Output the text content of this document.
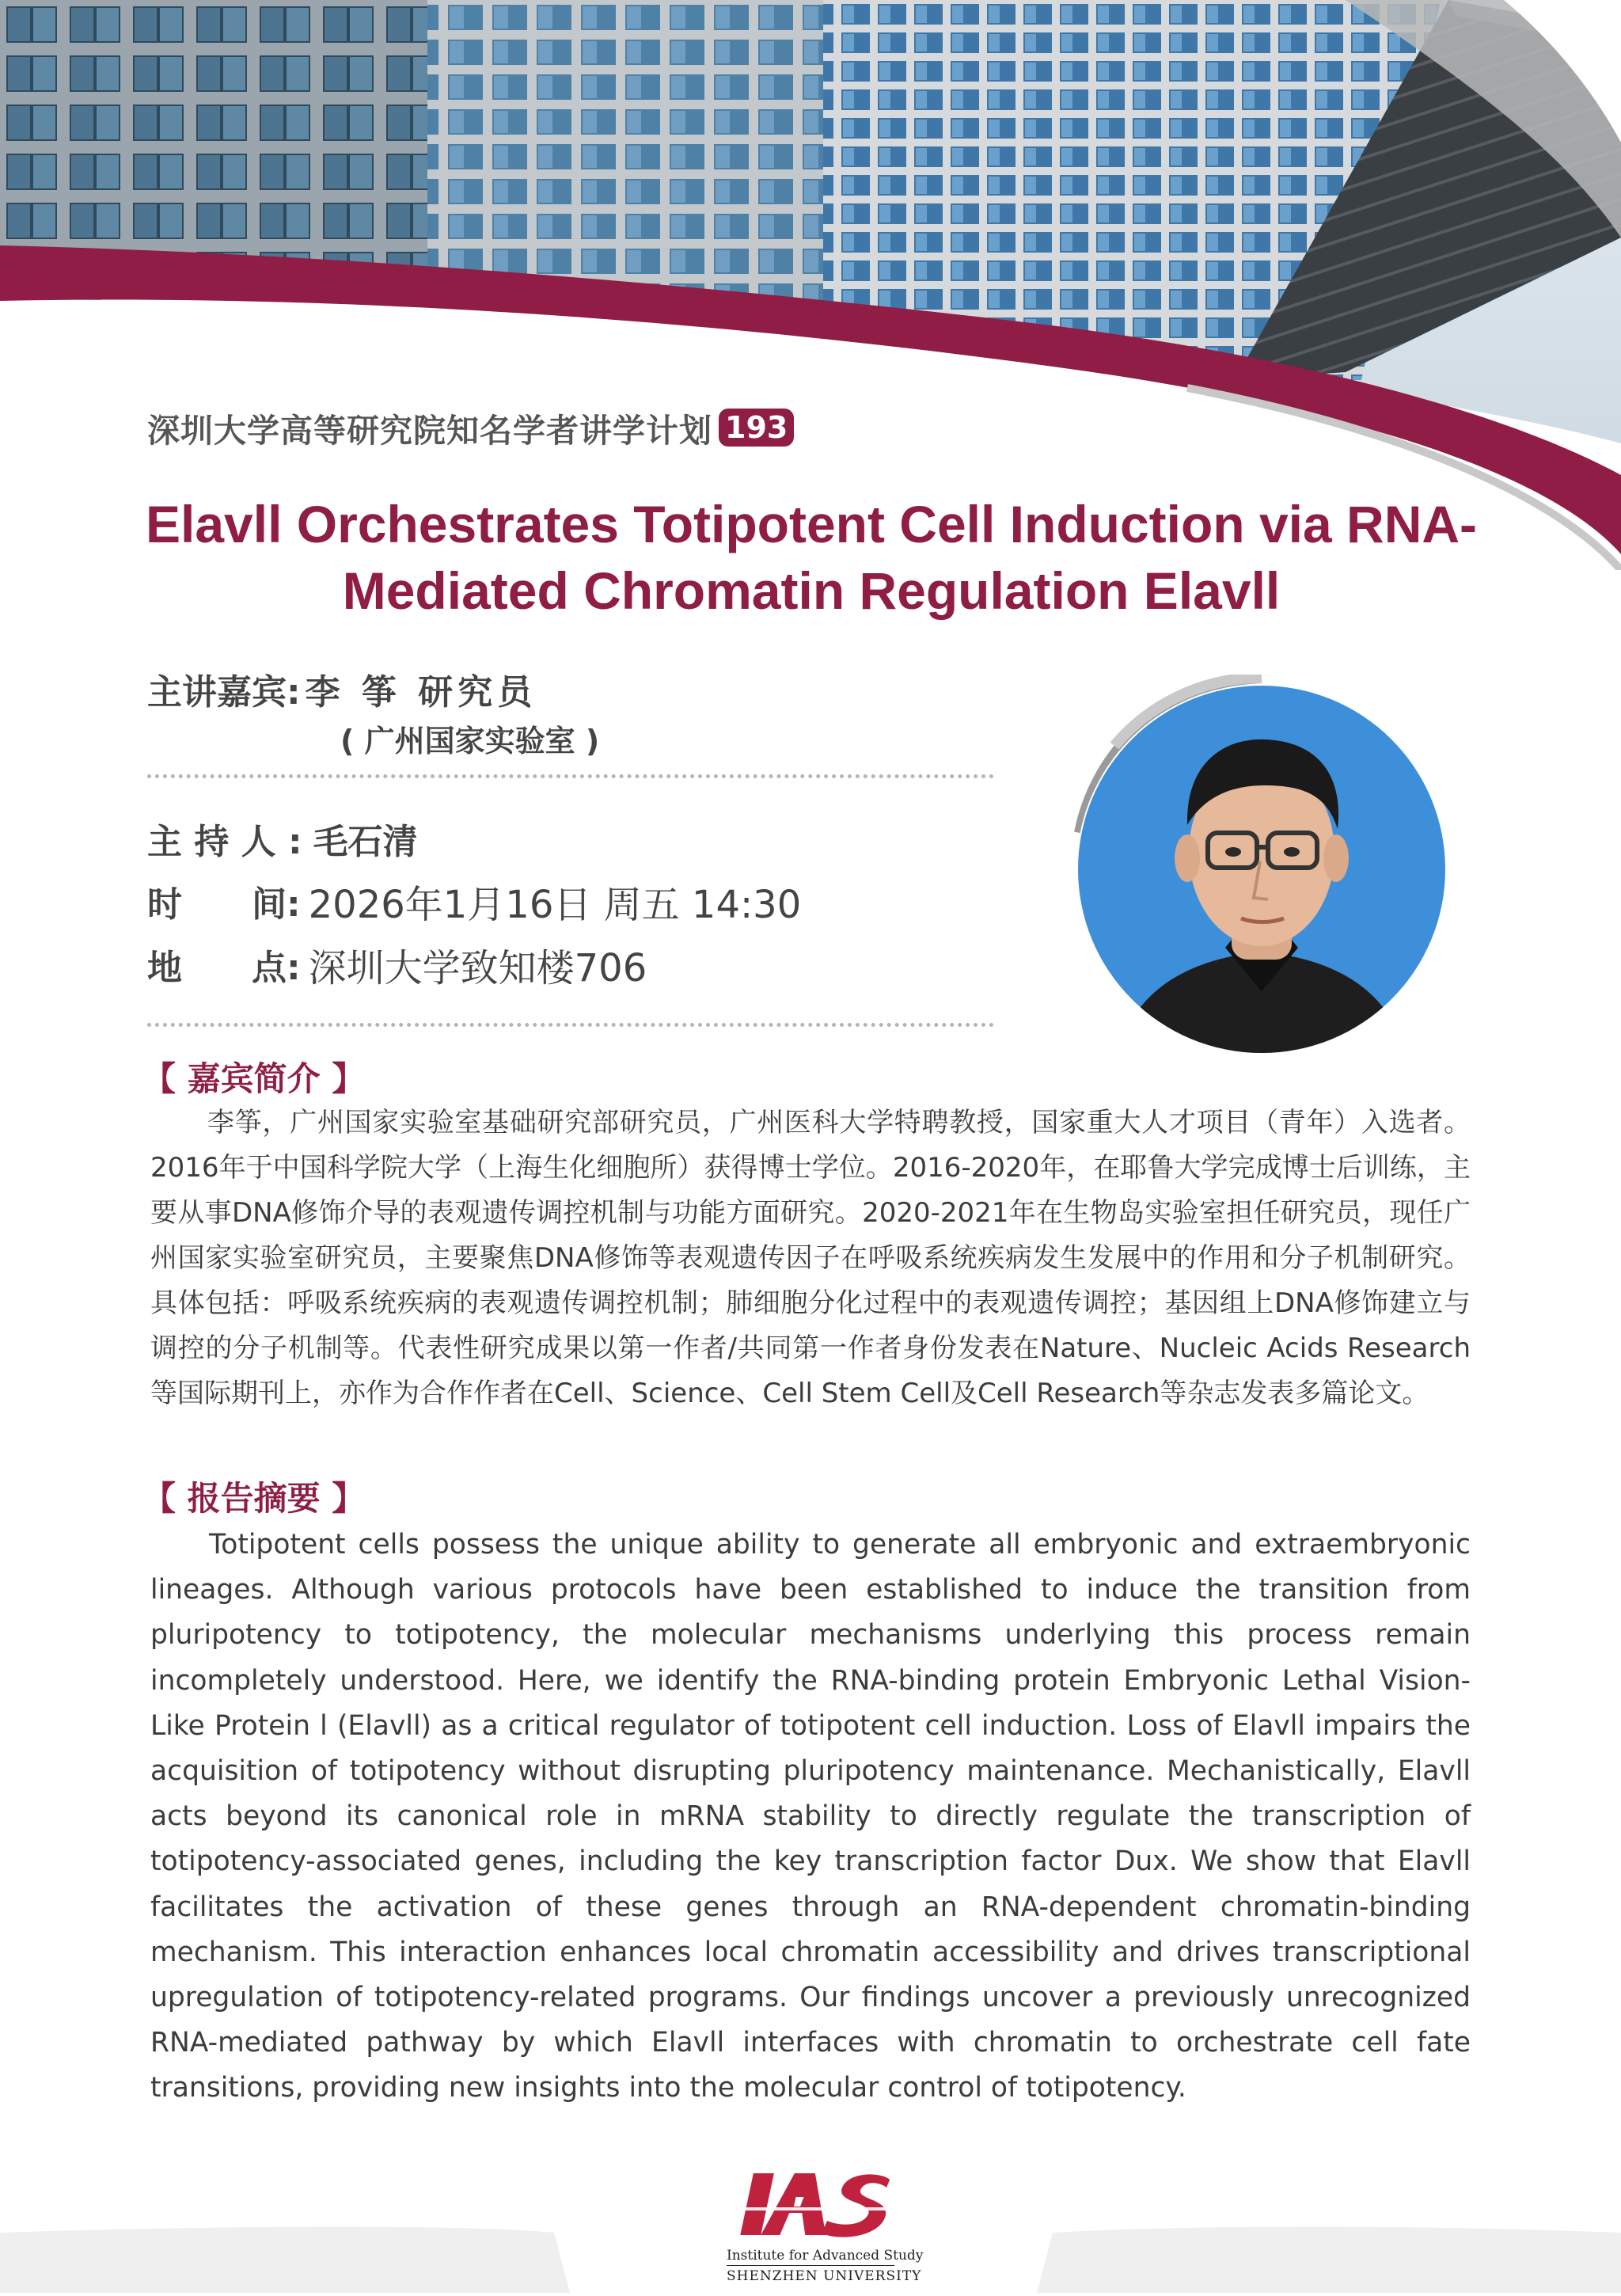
深圳大学高等研究院知名学者讲学计划 193
Elavll Orchestrates Totipotent Cell Induction via RNA-
Mediated Chromatin Regulation Elavll
主讲嘉宾: 李 筝 研究员
( 广州国家实验室 )
主 持 人 : 毛石清
时　　间: 2026年1月16日 周五 14:30
地　　点: 深圳大学致知楼706
【 嘉宾简介 】
李筝，广州国家实验室基础研究部研究员，广州医科大学特聘教授，国家重大人才项目（青年）入选者。2016年于中国科学院大学（上海生化细胞所）获得博士学位。2016-2020年，在耶鲁大学完成博士后训练，主要从事DNA修饰介导的表观遗传调控机制与功能方面研究。2020-2021年在生物岛实验室担任研究员，现任广州国家实验室研究员，主要聚焦DNA修饰等表观遗传因子在呼吸系统疾病发生发展中的作用和分子机制研究。具体包括：呼吸系统疾病的表观遗传调控机制；肺细胞分化过程中的表观遗传调控；基因组上DNA修饰建立与调控的分子机制等。代表性研究成果以第一作者/共同第一作者身份发表在Nature、Nucleic Acids Research等国际期刊上，亦作为合作作者在Cell、Science、Cell Stem Cell及Cell Research等杂志发表多篇论文。
【 报告摘要 】
Totipotent cells possess the unique ability to generate all embryonic and extraembryonic lineages. Although various protocols have been established to induce the transition from pluripotency to totipotency, the molecular mechanisms underlying this process remain incompletely understood. Here, we identify the RNA-binding protein Embryonic Lethal Vision-Like Protein l (Elavll) as a critical regulator of totipotent cell induction. Loss of Elavll impairs the acquisition of totipotency without disrupting pluripotency maintenance. Mechanistically, Elavll acts beyond its canonical role in mRNA stability to directly regulate the transcription of totipotency-associated genes, including the key transcription factor Dux. We show that Elavll facilitates the activation of these genes through an RNA-dependent chromatin-binding mechanism. This interaction enhances local chromatin accessibility and drives transcriptional upregulation of totipotency-related programs. Our findings uncover a previously unrecognized RNA-mediated pathway by which Elavll interfaces with chromatin to orchestrate cell fate transitions, providing new insights into the molecular control of totipotency.
Institute for Advanced Study
SHENZHEN UNIVERSITY
